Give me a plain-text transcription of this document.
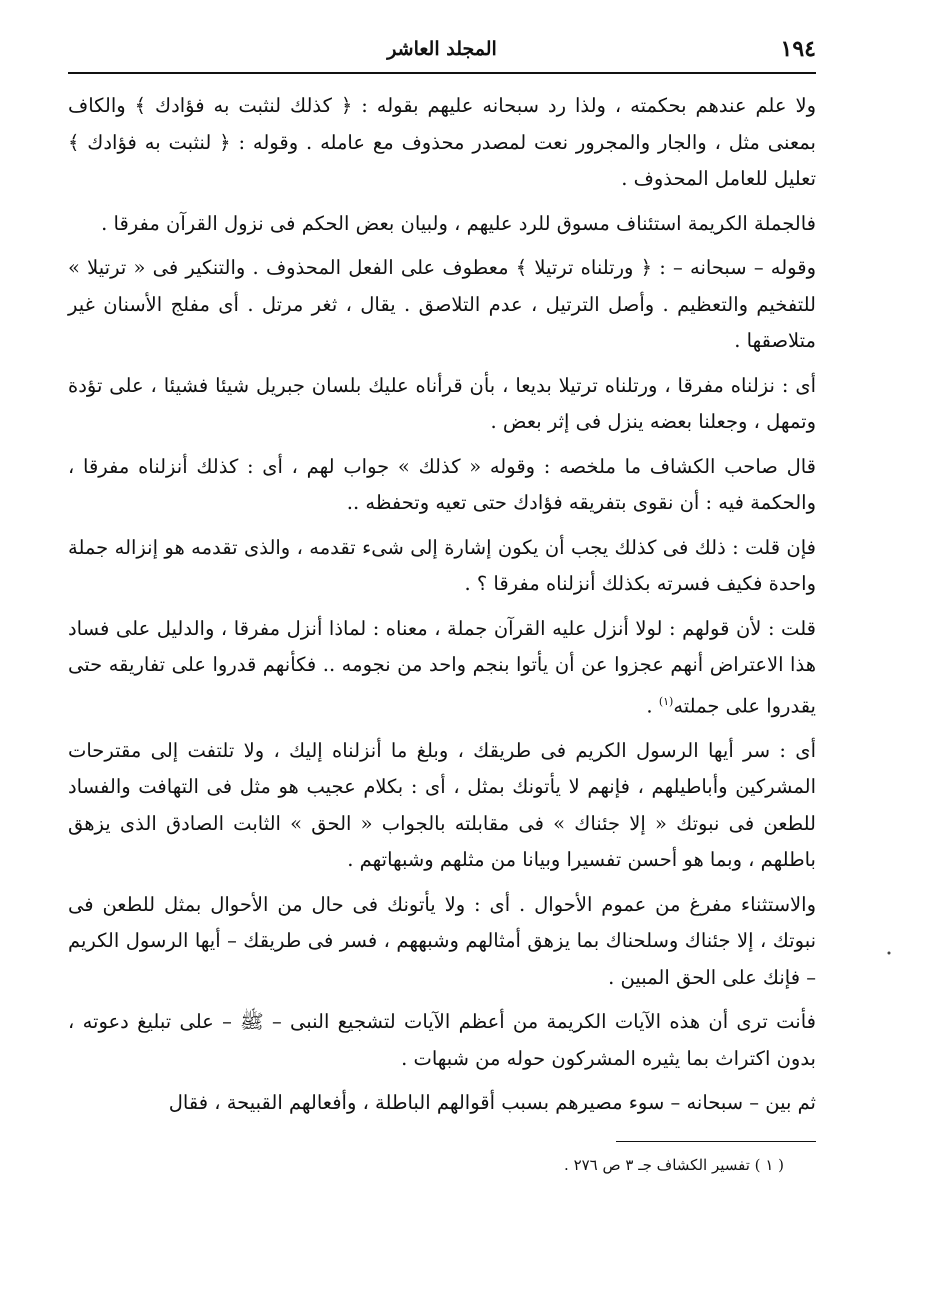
١٩٤
المجلد العاشر

ولا علم عندهم بحكمته ، ولذا رد سبحانه عليهم بقوله : ﴿ كذلك لنثبت به فؤادك ﴾ والكاف بمعنى مثل ، والجار والمجرور نعت لمصدر محذوف مع عامله . وقوله : ﴿ لنثبت به فؤادك ﴾ تعليل للعامل المحذوف .

فالجملة الكريمة استئناف مسوق للرد عليهم ، ولبيان بعض الحكم فى نزول القرآن مفرقا .

وقوله – سبحانه – : ﴿ ورتلناه ترتيلا ﴾ معطوف على الفعل المحذوف . والتنكير فى « ترتيلا » للتفخيم والتعظيم . وأصل الترتيل ، عدم التلاصق . يقال ، ثغر مرتل . أى مفلج الأسنان غير متلاصقها .

أى : نزلناه مفرقا ، ورتلناه ترتيلا بديعا ، بأن قرأناه عليك بلسان جبريل شيئا فشيئا ، على تؤدة وتمهل ، وجعلنا بعضه ينزل فى إثر بعض .

قال صاحب الكشاف ما ملخصه : وقوله « كذلك » جواب لهم ، أى : كذلك أنزلناه مفرقا ، والحكمة فيه : أن نقوى بتفريقه فؤادك حتى تعيه وتحفظه ..

فإن قلت : ذلك فى كذلك يجب أن يكون إشارة إلى شىء تقدمه ، والذى تقدمه هو إنزاله جملة واحدة فكيف فسرته بكذلك أنزلناه مفرقا ؟ .

قلت : لأن قولهم : لولا أنزل عليه القرآن جملة ، معناه : لماذا أنزل مفرقا ، والدليل على فساد هذا الاعتراض أنهم عجزوا عن أن يأتوا بنجم واحد من نجومه .. فكأنهم قدروا على تفاريقه حتى يقدروا على جملته$^{(١)}$ .

أى : سر أيها الرسول الكريم فى طريقك ، وبلغ ما أنزلناه إليك ، ولا تلتفت إلى مقترحات المشركين وأباطيلهم ، فإنهم لا يأتونك بمثل ، أى : بكلام عجيب هو مثل فى التهافت والفساد للطعن فى نبوتك « إلا جئناك » فى مقابلته بالجواب « الحق » الثابت الصادق الذى يزهق باطلهم ، وبما هو أحسن تفسيرا وبيانا من مثلهم وشبهاتهم .

والاستثناء مفرغ من عموم الأحوال . أى : ولا يأتونك فى حال من الأحوال بمثل للطعن فى نبوتك ، إلا جئناك وسلحناك بما يزهق أمثالهم وشبههم ، فسر فى طريقك – أيها الرسول الكريم – فإنك على الحق المبين .

فأنت ترى أن هذه الآيات الكريمة من أعظم الآيات لتشجيع النبى – ﷺ – على تبليغ دعوته ، بدون اكتراث بما يثيره المشركون حوله من شبهات .

ثم بين – سبحانه – سوء مصيرهم بسبب أقوالهم الباطلة ، وأفعالهم القبيحة ، فقال

( ١ ) تفسير الكشاف جـ ٣ ص ٢٧٦ .
